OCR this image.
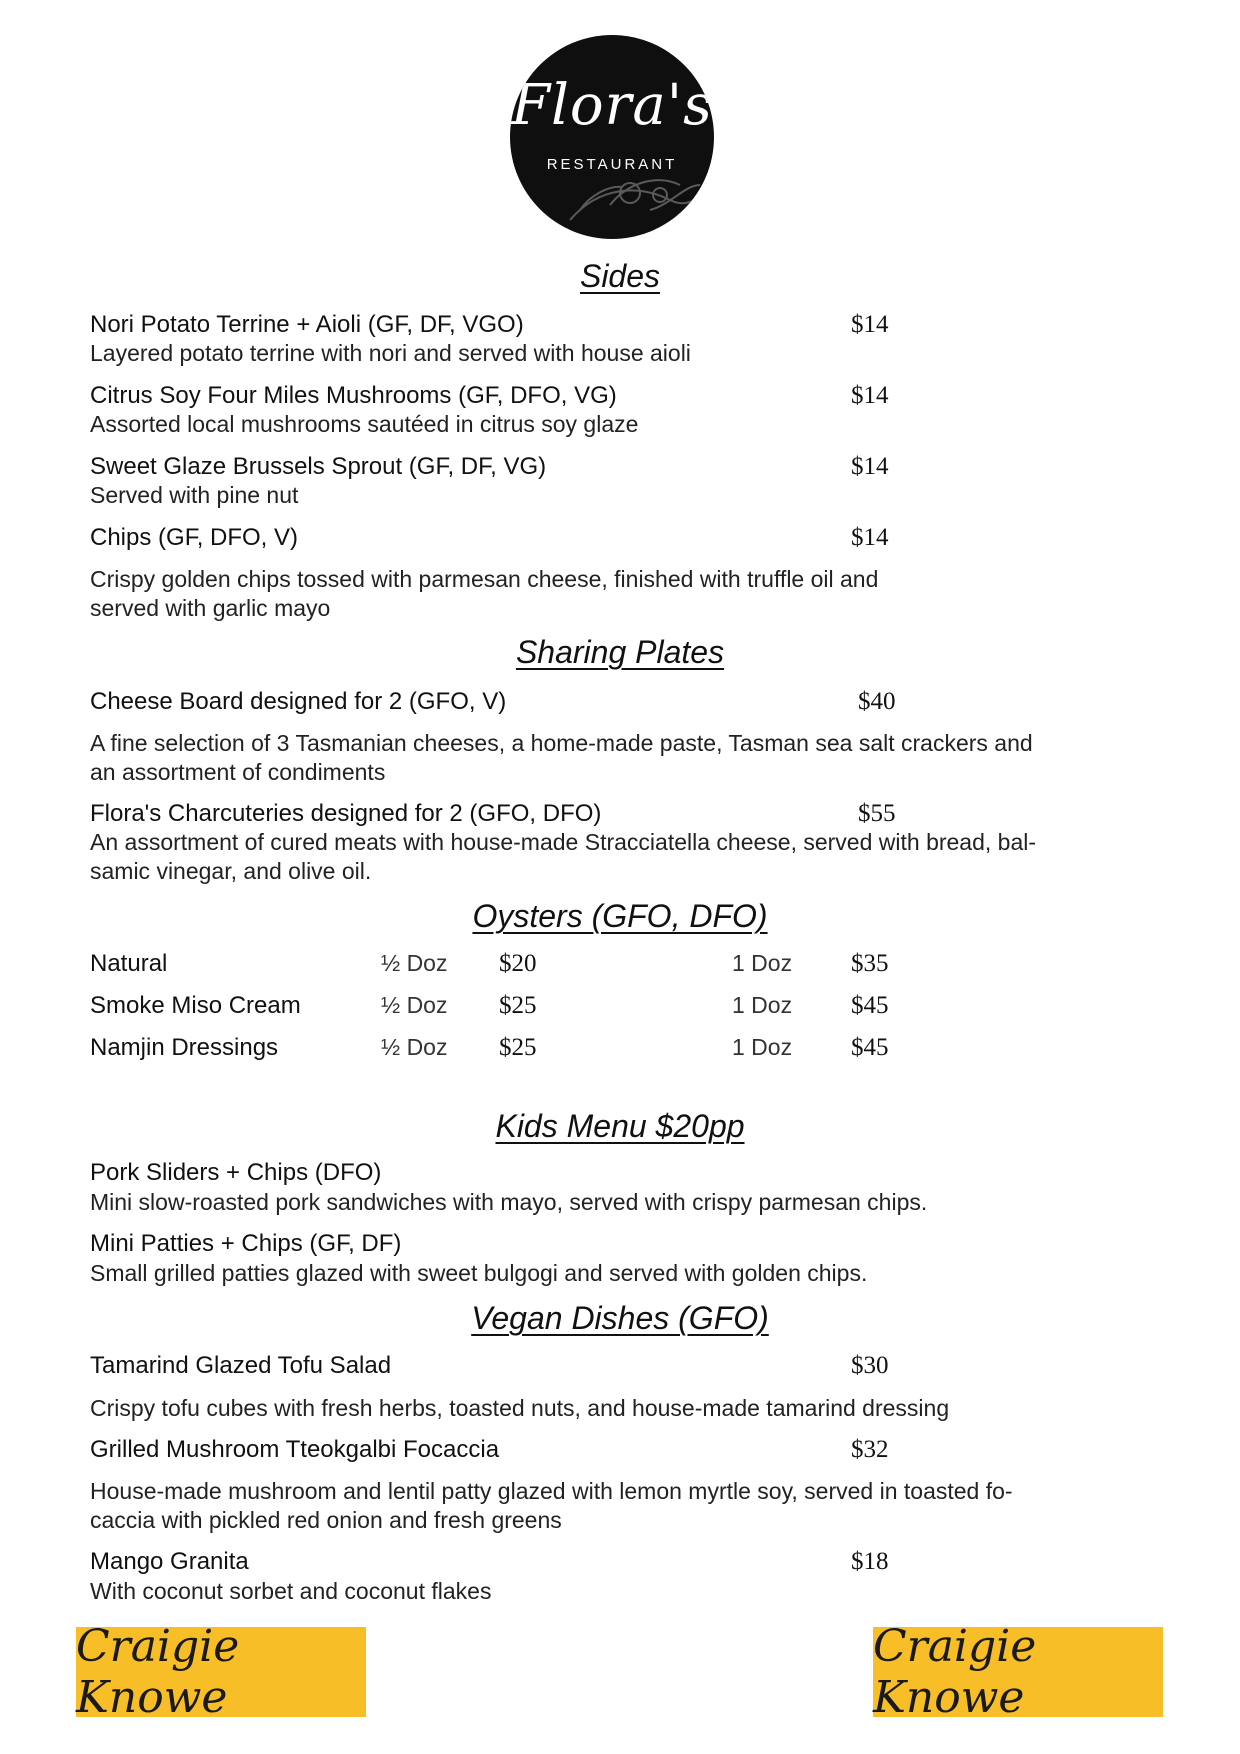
Flora's
RESTAURANT
Sides
Nori Potato Terrine + Aioli (GF, DF, VGO)	$14
Layered potato terrine with nori and served with house aioli
Citrus Soy Four Miles Mushrooms (GF, DFO, VG)	$14
Assorted local mushrooms sautéed in citrus soy glaze
Sweet Glaze Brussels Sprout (GF, DF, VG)	$14
Served with pine nut
Chips (GF, DFO, V)	$14
Crispy golden chips tossed with parmesan cheese, finished with truffle oil and
served with garlic mayo
Sharing Plates
Cheese Board designed for 2 (GFO, V)	$40
A fine selection of 3 Tasmanian cheeses, a home-made paste, Tasman sea salt crackers and
an assortment of condiments
Flora's Charcuteries designed for 2 (GFO, DFO)	$55
An assortment of cured meats with house-made Stracciatella cheese, served with bread, bal-
samic vinegar, and olive oil.
Oysters (GFO, DFO)
Natural	½ Doz $20	1 Doz $35
Smoke Miso Cream	½ Doz $25	1 Doz $45
Namjin Dressings	½ Doz $25	1 Doz $45
Kids Menu $20pp
Pork Sliders + Chips (DFO)
Mini slow-roasted pork sandwiches with mayo, served with crispy parmesan chips.
Mini Patties + Chips (GF, DF)
Small grilled patties glazed with sweet bulgogi and served with golden chips.
Vegan Dishes (GFO)
Tamarind Glazed Tofu Salad	$30
Crispy tofu cubes with fresh herbs, toasted nuts, and house-made tamarind dressing
Grilled Mushroom Tteokgalbi Focaccia	$32
House-made mushroom and lentil patty glazed with lemon myrtle soy, served in toasted fo-
caccia with pickled red onion and fresh greens
Mango Granita	$18
With coconut sorbet and coconut flakes
Craigie Knowe
Craigie Knowe
